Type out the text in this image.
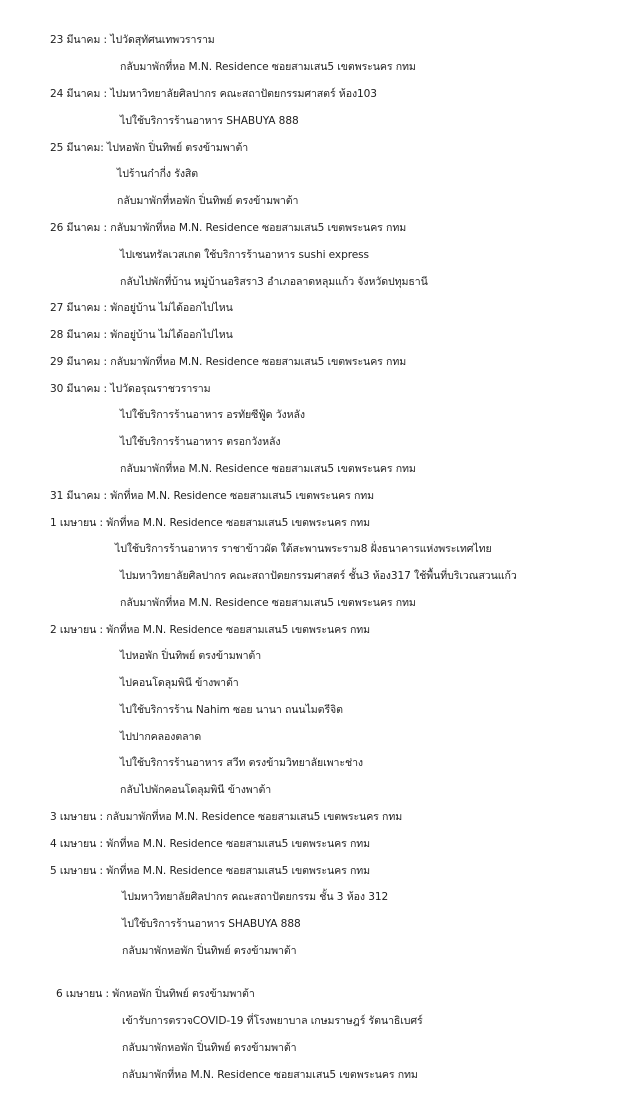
23 มีนาคม : ไปวัดสุทัศนเทพวราราม
กลับมาพักที่หอ M.N. Residence ซอยสามเสน5 เขตพระนคร กทม
24 มีนาคม : ไปมหาวิทยาลัยศิลปากร คณะสถาปัตยกรรมศาสตร์ ห้อง103
ไปใช้บริการร้านอาหาร SHABUYA 888
25 มีนาคม: ไปหอพัก ปิ่นทิพย์ ตรงข้ามพาต้า
ไปร้านก๋ากี่ง รังสิต
กลับมาพักที่หอพัก ปิ่นทิพย์ ตรงข้ามพาต้า
26 มีนาคม : กลับมาพักที่หอ M.N. Residence ซอยสามเสน5 เขตพระนคร กทม
ไปเซนทรัลเวสเกต ใช้บริการร้านอาหาร sushi express
กลับไปพักที่บ้าน หมู่บ้านอริสรา3 อำเภอลาดหลุมแก้ว จังหวัดปทุมธานี
27 มีนาคม : พักอยู่บ้าน ไม่ได้ออกไปไหน
28 มีนาคม : พักอยู่บ้าน ไม่ได้ออกไปไหน
29 มีนาคม : กลับมาพักที่หอ M.N. Residence ซอยสามเสน5 เขตพระนคร กทม
30 มีนาคม : ไปวัดอรุณราชวราราม
ไปใช้บริการร้านอาหาร อรทัยซีฟู้ด วังหลัง
ไปใช้บริการร้านอาหาร ตรอกวังหลัง
กลับมาพักที่หอ M.N. Residence ซอยสามเสน5 เขตพระนคร กทม
31 มีนาคม : พักที่หอ M.N. Residence ซอยสามเสน5 เขตพระนคร กทม
1 เมษายน : พักที่หอ M.N. Residence ซอยสามเสน5 เขตพระนคร กทม
ไปใช้บริการร้านอาหาร ราชาข้าวผัด ใต้สะพานพระราม8 ฝั่งธนาคารแห่งพระเทศไทย
ไปมหาวิทยาลัยศิลปากร คณะสถาปัตยกรรมศาสตร์ ชั้น3 ห้อง317 ใช้พื้นที่บริเวณสวนแก้ว
กลับมาพักที่หอ M.N. Residence ซอยสามเสน5 เขตพระนคร กทม
2 เมษายน : พักที่หอ M.N. Residence ซอยสามเสน5 เขตพระนคร กทม
ไปหอพัก ปิ่นทิพย์ ตรงข้ามพาต้า
ไปคอนโดลุมพินี ข้างพาต้า
ไปใช้บริการร้าน Nahim ซอย นานา ถนนไมตรีจิต
ไปปากคลองตลาด
ไปใช้บริการร้านอาหาร สวีท ตรงข้ามวิทยาลัยเพาะช่าง
กลับไปพักคอนโดลุมพินี ข้างพาต้า
3 เมษายน : กลับมาพักที่หอ M.N. Residence ซอยสามเสน5 เขตพระนคร กทม
4 เมษายน : พักที่หอ M.N. Residence ซอยสามเสน5 เขตพระนคร กทม
5 เมษายน : พักที่หอ M.N. Residence ซอยสามเสน5 เขตพระนคร กทม
ไปมหาวิทยาลัยศิลปากร คณะสถาปัตยกรรม ชั้น 3 ห้อง 312
ไปใช้บริการร้านอาหาร SHABUYA 888
กลับมาพักหอพัก ปิ่นทิพย์ ตรงข้ามพาต้า
6 เมษายน : พักหอพัก ปิ่นทิพย์ ตรงข้ามพาต้า
เข้ารับการตรวจCOVID-19 ที่โรงพยาบาล เกษมราษฎร์ รัตนาธิเบศร์
กลับมาพักหอพัก ปิ่นทิพย์ ตรงข้ามพาต้า
กลับมาพักที่หอ M.N. Residence ซอยสามเสน5 เขตพระนคร กทม
